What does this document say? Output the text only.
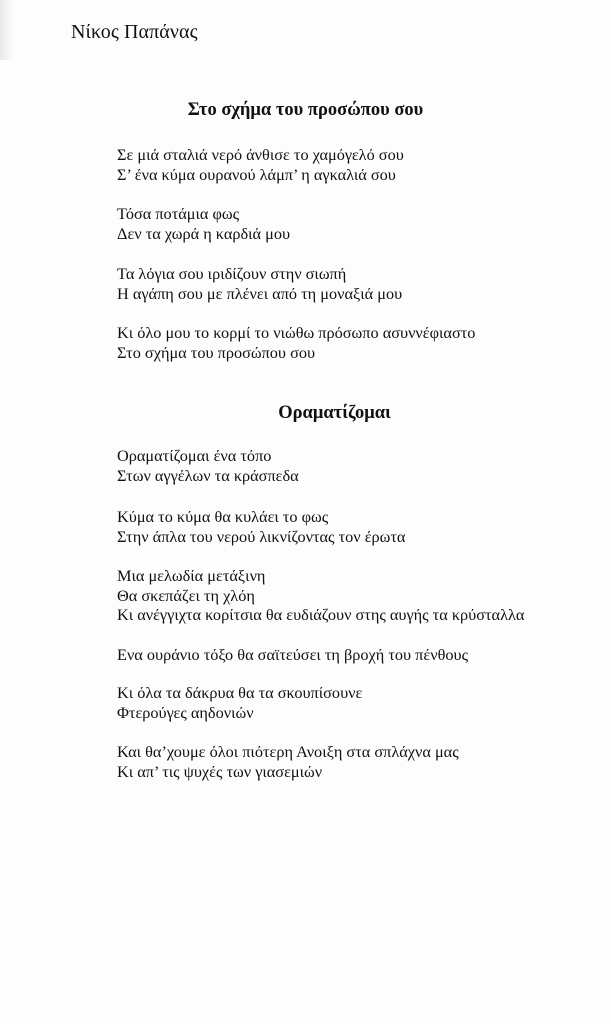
Νίκος Παπάνας
Στο σχήμα του προσώπου σου
Σε μιά σταλιά νερό άνθισε το χαμόγελό σου
Σ’ ένα κύμα ουρανού λάμπ’ η αγκαλιά σου
Τόσα ποτάμια φως
Δεν τα χωρά η καρδιά μου
Τα λόγια σου ιριδίζουν στην σιωπή
Η αγάπη σου με πλένει από τη μοναξιά μου
Κι όλο μου το κορμί το νιώθω πρόσωπο ασυννέφιαστο
Στο σχήμα του προσώπου σου
Οραματίζομαι
Οραματίζομαι ένα τόπο
Στων αγγέλων τα κράσπεδα
Κύμα το κύμα θα κυλάει το φως
Στην άπλα του νερού λικνίζοντας τον έρωτα
Μια μελωδία μετάξινη
Θα σκεπάζει τη χλόη
Κι ανέγγιχτα κορίτσια θα ευδιάζουν στης αυγής τα κρύσταλλα
Ενα ουράνιο τόξο θα σαϊτεύσει τη βροχή του πένθους
Κι όλα τα δάκρυα θα τα σκουπίσουνε
Φτερούγες αηδονιών
Και θα’χουμε όλοι πιότερη Ανοιξη στα σπλάχνα μας
Κι απ’ τις ψυχές των γιασεμιών
